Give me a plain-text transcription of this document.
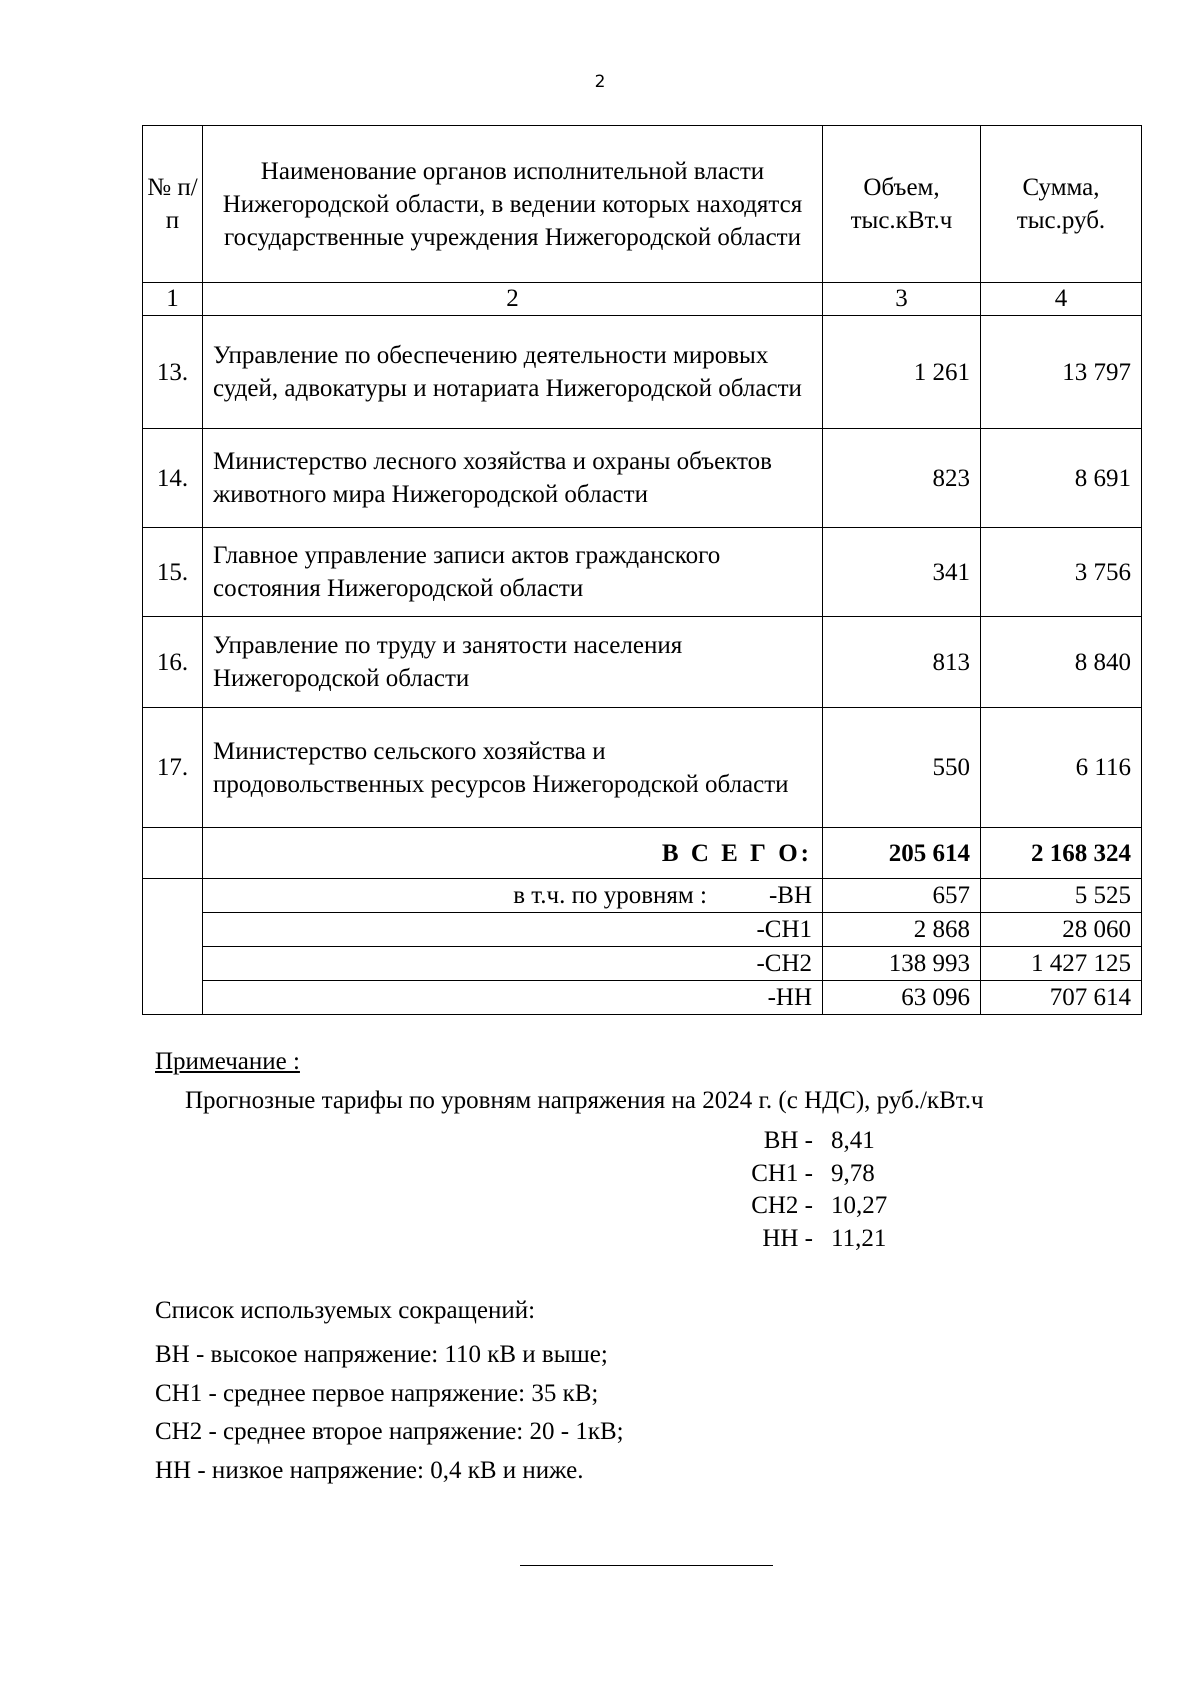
2
№ п/п	Наименование органов исполнительной власти Нижегородской области, в ведении которых находятся государственные учреждения Нижегородской области	Объем, тыс.кВт.ч	Сумма, тыс.руб.
1	2	3	4
13.	Управление по обеспечению деятельности мировых судей, адвокатуры и нотариата Нижегородской области	1 261	13 797
14.	Министерство лесного хозяйства и охраны объектов животного мира Нижегородской области	823	8 691
15.	Главное управление записи актов гражданского состояния Нижегородской области	341	3 756
16.	Управление по труду и занятости населения Нижегородской области	813	8 840
17.	Министерство сельского хозяйства и продовольственных ресурсов Нижегородской области	550	6 116
	В С Е Г О:	205 614	2 168 324
	в т.ч. по уровням : -ВН	657	5 525
	-СН1	2 868	28 060
	-СН2	138 993	1 427 125
	-НН	63 096	707 614
Примечание :
Прогнозные тарифы по уровням напряжения на 2024 г. (с НДС), руб./кВт.ч
ВН - 8,41
СН1 - 9,78
СН2 - 10,27
НН - 11,21
Список используемых сокращений:
ВН - высокое напряжение: 110 кВ и выше;
СН1 - среднее первое напряжение: 35 кВ;
СН2 - среднее второе напряжение: 20 - 1кВ;
НН - низкое напряжение: 0,4 кВ и ниже.
